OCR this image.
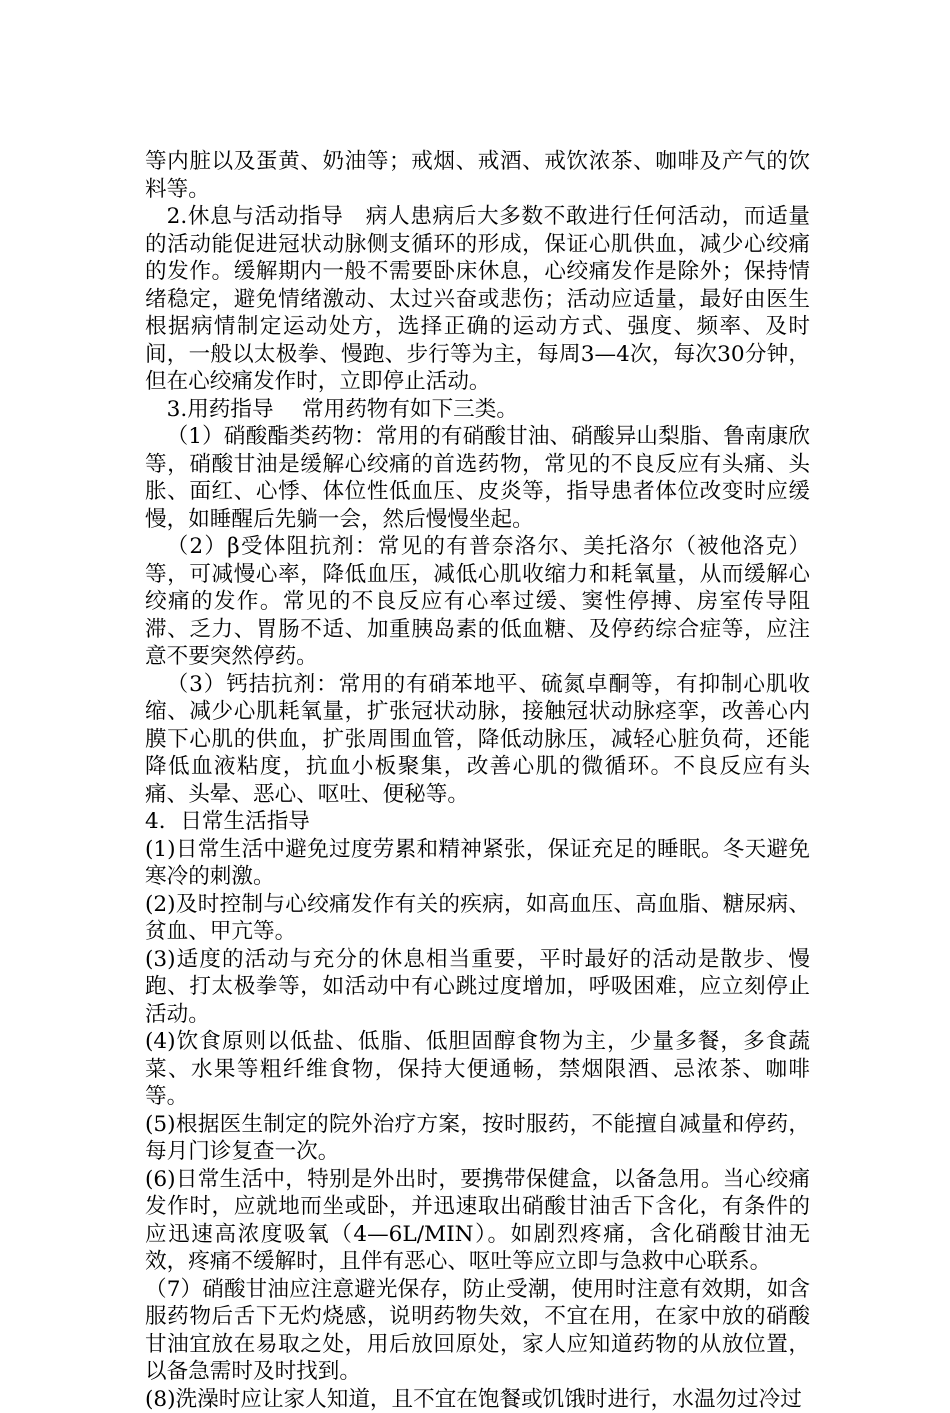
等内脏以及蛋黄、奶油等；戒烟、戒酒、戒饮浓茶、咖啡及产气的饮料等。

2.休息与活动指导　病人患病后大多数不敢进行任何活动，而适量的活动能促进冠状动脉侧支循环的形成，保证心肌供血，减少心绞痛的发作。缓解期内一般不需要卧床休息，心绞痛发作是除外；保持情绪稳定，避免情绪激动、太过兴奋或悲伤；活动应适量，最好由医生根据病情制定运动处方，选择正确的运动方式、强度、频率、及时间，一般以太极拳、慢跑、步行等为主，每周3—4次，每次30分钟，但在心绞痛发作时，立即停止活动。

3.用药指导　 常用药物有如下三类。

（1）硝酸酯类药物：常用的有硝酸甘油、硝酸异山梨脂、鲁南康欣等，硝酸甘油是缓解心绞痛的首选药物，常见的不良反应有头痛、头胀、面红、心悸、体位性低血压、皮炎等，指导患者体位改变时应缓慢，如睡醒后先躺一会，然后慢慢坐起。

（2）β受体阻抗剂：常见的有普奈洛尔、美托洛尔（被他洛克）等，可减慢心率，降低血压，减低心肌收缩力和耗氧量，从而缓解心绞痛的发作。常见的不良反应有心率过缓、窦性停搏、房室传导阻滞、乏力、胃肠不适、加重胰岛素的低血糖、及停药综合症等，应注意不要突然停药。

（3）钙拮抗剂：常用的有硝苯地平、硫氮卓酮等，有抑制心肌收缩、减少心肌耗氧量，扩张冠状动脉，接触冠状动脉痉挛，改善心内膜下心肌的供血，扩张周围血管，降低动脉压，减轻心脏负荷，还能降低血液粘度，抗血小板聚集，改善心肌的微循环。不良反应有头痛、头晕、恶心、呕吐、便秘等。

4．日常生活指导

(1)日常生活中避免过度劳累和精神紧张，保证充足的睡眠。冬天避免寒冷的刺激。

(2)及时控制与心绞痛发作有关的疾病，如高血压、高血脂、糖尿病、贫血、甲亢等。

(3)适度的活动与充分的休息相当重要，平时最好的活动是散步、慢跑、打太极拳等，如活动中有心跳过度增加，呼吸困难，应立刻停止活动。

(4)饮食原则以低盐、低脂、低胆固醇食物为主，少量多餐，多食蔬菜、水果等粗纤维食物，保持大便通畅，禁烟限酒、忌浓茶、咖啡等。

(5)根据医生制定的院外治疗方案，按时服药，不能擅自减量和停药，每月门诊复查一次。

(6)日常生活中，特别是外出时，要携带保健盒，以备急用。当心绞痛发作时，应就地而坐或卧，并迅速取出硝酸甘油舌下含化，有条件的应迅速高浓度吸氧（4—6L/MIN）。如剧烈疼痛，含化硝酸甘油无效，疼痛不缓解时，且伴有恶心、呕吐等应立即与急救中心联系。

（7）硝酸甘油应注意避光保存，防止受潮，使用时注意有效期，如含服药物后舌下无灼烧感，说明药物失效，不宜在用，在家中放的硝酸甘油宜放在易取之处，用后放回原处，家人应知道药物的从放位置，以备急需时及时找到。

(8)洗澡时应让家人知道，且不宜在饱餐或饥饿时进行，水温勿过冷过
